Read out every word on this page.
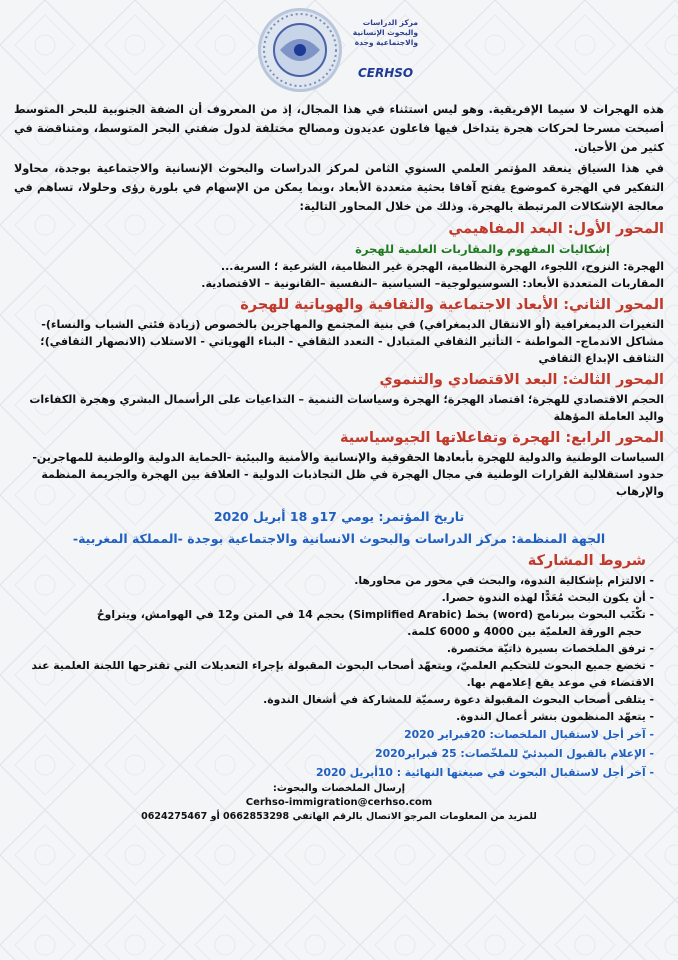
مركز الدراسات
والبحوث الإنسانية
والاجتماعية وجدة
CERHSO

هذه الهجرات لا سيما الإفريقية. وهو ليس استثناء في هذا المجال، إذ من المعروف أن الضفة الجنوبية للبحر المتوسط أصبحت مسرحا لحركات هجرة يتداخل فيها فاعلون عديدون ومصالح مختلفة لدول ضفتي البحر المتوسط، ومتناقضة في كثير من الأحيان.

في هذا السياق ينعقد المؤتمر العلمي السنوي الثامن لمركز الدراسات والبحوث الإنسانية والاجتماعية بوجدة، محاولا التفكير في الهجرة كموضوع يفتح آفاقا بحثية متعددة الأبعاد ،وبما يمكن من الإسهام في بلورة رؤى وحلولا، تساهم في معالجة الإشكالات المرتبطة بالهجرة. وذلك من خلال المحاور التالية:

المحور الأول: البعد المفاهيمي
إشكاليات المفهوم والمقاربات العلمية للهجرة
الهجرة: النزوح، اللجوء، الهجرة النظامية، الهجرة غير النظامية، الشرعية ؛ السرية...
المقاربات المتعددة الأبعاد: السوسيولوجية– السياسية –النفسية –القانونية – الاقتصادية.
المحور الثاني: الأبعاد الاجتماعية والثقافية والهوياتية للهجرة
التغيرات الديمغرافية (أو الانتقال الديمغرافي) في بنية المجتمع والمهاجرين بالخصوص (زيادة فئتي الشباب والنساء)- مشاكل الاندماج- المواطنة - التأثير الثقافي المتبادل - التعدد الثقافي - البناء الهوياتي - الاستلاب (الانصهار الثقافي)؛ التثاقف الإبداع الثقافي
المحور الثالث: البعد الاقتصادي والتنموي
الحجم الاقتصادي للهجرة؛ اقتصاد الهجرة؛ الهجرة وسياسات التنمية – التداعيات على الرأسمال البشري وهجرة الكفاءات واليد العاملة المؤهلة
المحور الرابع: الهجرة وتفاعلاتها الجيوسياسية
السياسات الوطنية والدولية للهجرة بأبعادها الحقوقية والإنسانية والأمنية والبيئية -الحماية الدولية والوطنية للمهاجرين- حدود استقلالية القرارات الوطنية في مجال الهجرة في ظل التجاذبات الدولية - العلاقة بين الهجرة والجريمة المنظمة والإرهاب
تاريخ المؤتمر: يومي 17و 18 أبريل 2020
الجهة المنظمة: مركز الدراسات والبحوث الانسانية والاجتماعية بوجدة -المملكة المغربية-
شروط المشاركة
- الالتزام بإشكالية الندوة، والبحث في محور من محاورها.
- أن يكون البحث مُعَدًّا لهذه الندوة حصرا.
- تكْتَب البحوث ببرنامج (word) بخط (Simplified Arabic) بحجم 14 في المتن و12 في الهوامش، ويتراوحُ
حجم الورقة العلميّة بين 4000 و 6000 كلمة.
- ترفق الملخصات بسيرة ذاتيّة مختصرة.
- تخضع جميع البحوث للتحكيم العلميّ، ويتعهّد أصحاب البحوث المقبولة بإجراء التعديلات التي تقترحها اللجنة العلمية عند الاقتضاء في موعد يقع إعلامهم بها.
- يتلقى أصحاب البحوث المقبولة دعوة رسميّة للمشاركة في أشغال الندوة.
- يتعهّد المنظمون بنشر أعمال الندوة.
- آخر أجل لاستقبال الملخصات: 20فبراير 2020
- الإعلام بالقبول المبدئيّ للملخّصات: 25 فبراير2020
- آخر أجل لاستقبال البحوث في صيغتها النهائية : 10أبريل 2020
إرسال الملخصات والبحوث:
Cerhso-immigration@cerhso.com
للمزيد من المعلومات المرجو الاتصال بالرقم الهاتفي 0662853298 أو 0624275467
